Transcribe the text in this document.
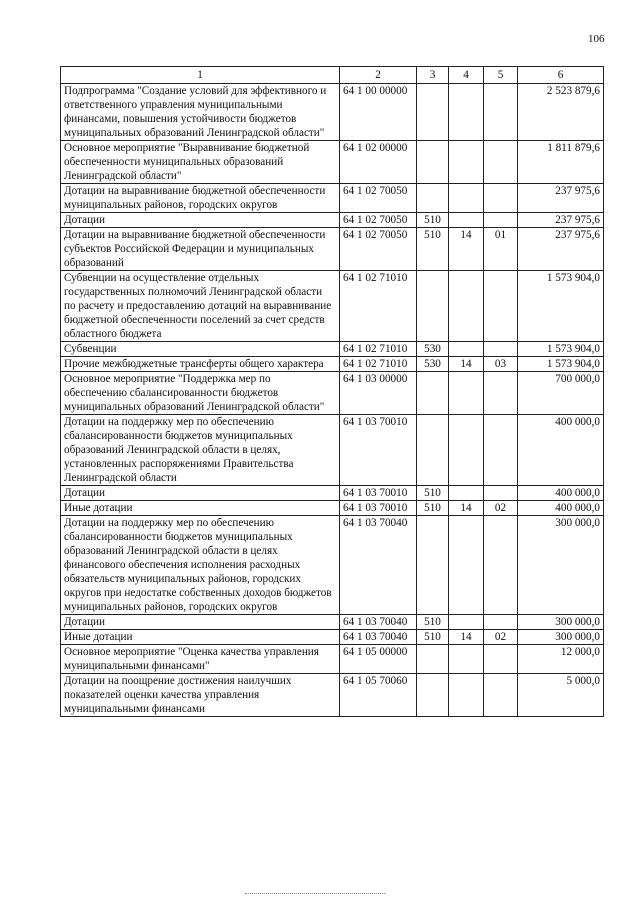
106
1	2	3	4	5	6
Подпрограмма "Создание условий для эффективного и ответственного управления муниципальными финансами, повышения устойчивости бюджетов муниципальных образований Ленинградской области"	64 1 00 00000				2 523 879,6
Основное мероприятие "Выравнивание бюджетной обеспеченности муниципальных образований Ленинградской области"	64 1 02 00000				1 811 879,6
Дотации на выравнивание бюджетной обеспеченности муниципальных районов, городских округов	64 1 02 70050				237 975,6
Дотации	64 1 02 70050	510			237 975,6
Дотации на выравнивание бюджетной обеспеченности субъектов Российской Федерации и муниципальных образований	64 1 02 70050	510	14	01	237 975,6
Субвенции на осуществление отдельных государственных полномочий Ленинградской области по расчету и предоставлению дотаций на выравнивание бюджетной обеспеченности поселений за счет средств областного бюджета	64 1 02 71010				1 573 904,0
Субвенции	64 1 02 71010	530			1 573 904,0
Прочие межбюджетные трансферты общего характера	64 1 02 71010	530	14	03	1 573 904,0
Основное мероприятие "Поддержка мер по обеспечению сбалансированности бюджетов муниципальных образований Ленинградской области"	64 1 03 00000				700 000,0
Дотации на поддержку мер по обеспечению сбалансированности бюджетов муниципальных образований Ленинградской области в целях, установленных распоряжениями Правительства Ленинградской области	64 1 03 70010				400 000,0
Дотации	64 1 03 70010	510			400 000,0
Иные дотации	64 1 03 70010	510	14	02	400 000,0
Дотации на поддержку мер по обеспечению сбалансированности бюджетов муниципальных образований Ленинградской области в целях финансового обеспечения исполнения расходных обязательств муниципальных районов, городских округов при недостатке собственных доходов бюджетов муниципальных районов, городских округов	64 1 03 70040				300 000,0
Дотации	64 1 03 70040	510			300 000,0
Иные дотации	64 1 03 70040	510	14	02	300 000,0
Основное мероприятие "Оценка качества управления муниципальными финансами"	64 1 05 00000				12 000,0
Дотации на поощрение достижения наилучших показателей оценки качества управления муниципальными финансами	64 1 05 70060				5 000,0
